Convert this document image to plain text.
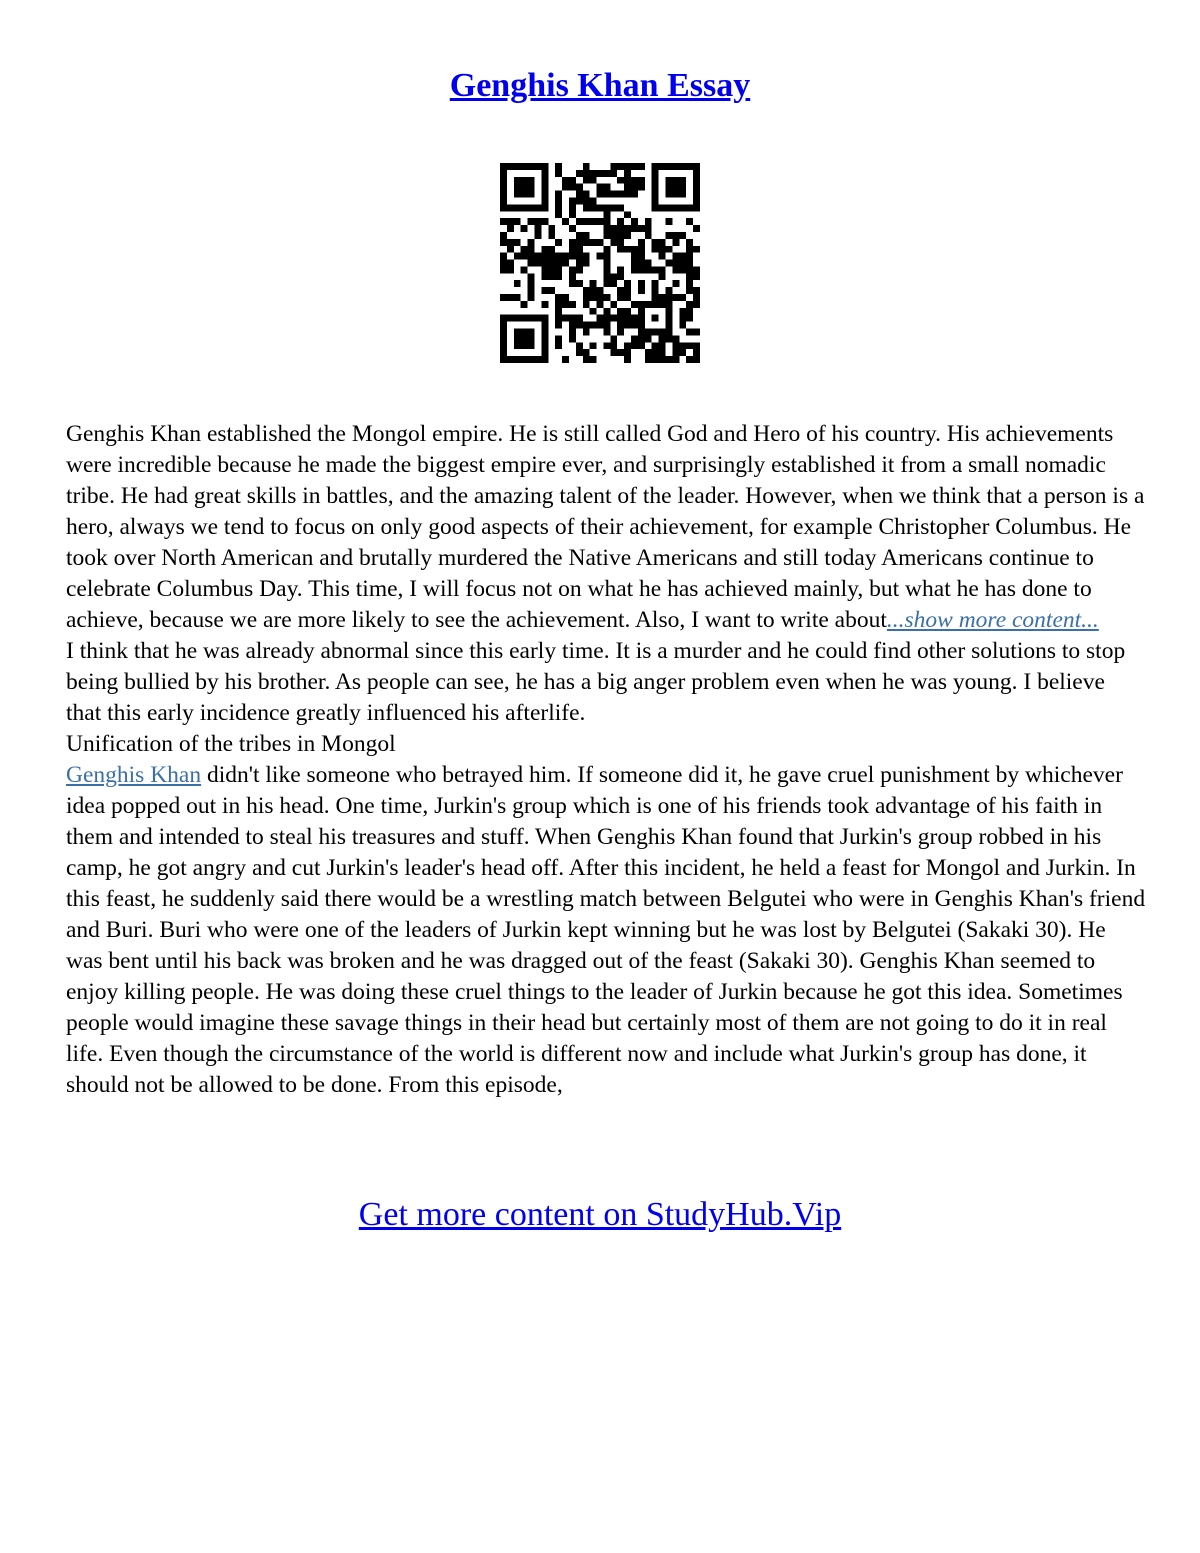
Genghis Khan Essay

Genghis Khan established the Mongol empire. He is still called God and Hero of his country. His achievements were incredible because he made the biggest empire ever, and surprisingly established it from a small nomadic tribe. He had great skills in battles, and the amazing talent of the leader. However, when we think that a person is a hero, always we tend to focus on only good aspects of their achievement, for example Christopher Columbus. He took over North American and brutally murdered the Native Americans and still today Americans continue to celebrate Columbus Day. This time, I will focus not on what he has achieved mainly, but what he has done to achieve, because we are more likely to see the achievement. Also, I want to write about...show more content...

I think that he was already abnormal since this early time. It is a murder and he could find other solutions to stop being bullied by his brother. As people can see, he has a big anger problem even when he was young. I believe that this early incidence greatly influenced his afterlife.

Unification of the tribes in Mongol

Genghis Khan didn't like someone who betrayed him. If someone did it, he gave cruel punishment by whichever idea popped out in his head. One time, Jurkin's group which is one of his friends took advantage of his faith in them and intended to steal his treasures and stuff. When Genghis Khan found that Jurkin's group robbed in his camp, he got angry and cut Jurkin's leader's head off. After this incident, he held a feast for Mongol and Jurkin. In this feast, he suddenly said there would be a wrestling match between Belgutei who were in Genghis Khan's friend and Buri. Buri who were one of the leaders of Jurkin kept winning but he was lost by Belgutei (Sakaki 30). He was bent until his back was broken and he was dragged out of the feast (Sakaki 30). Genghis Khan seemed to enjoy killing people. He was doing these cruel things to the leader of Jurkin because he got this idea. Sometimes people would imagine these savage things in their head but certainly most of them are not going to do it in real life. Even though the circumstance of the world is different now and include what Jurkin's group has done, it should not be allowed to be done. From this episode,

Get more content on StudyHub.Vip
